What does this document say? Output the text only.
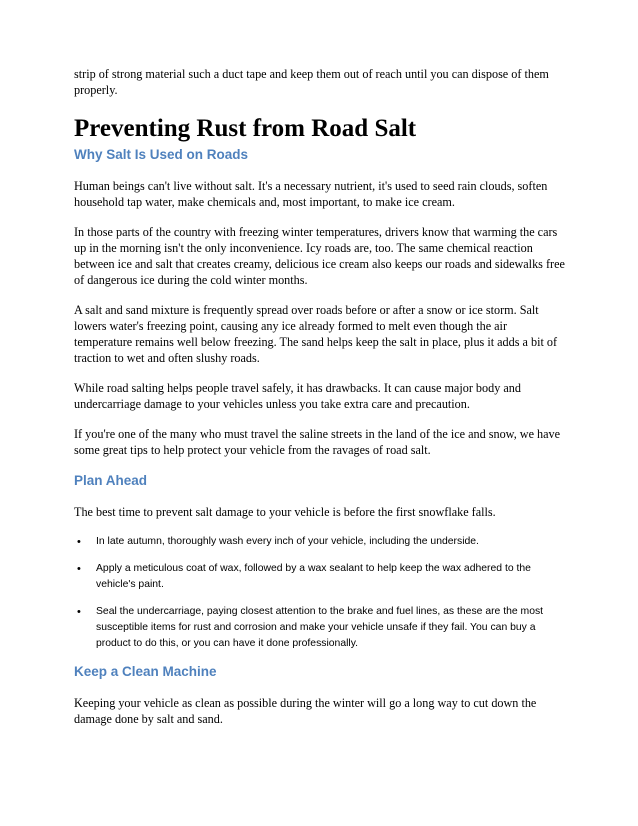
strip of strong material such a duct tape and keep them out of reach until you can dispose of them properly.

Preventing Rust from Road Salt
Why Salt Is Used on Roads

Human beings can't live without salt. It's a necessary nutrient, it's used to seed rain clouds, soften household tap water, make chemicals and, most important, to make ice cream.

In those parts of the country with freezing winter temperatures, drivers know that warming the cars up in the morning isn't the only inconvenience. Icy roads are, too. The same chemical reaction between ice and salt that creates creamy, delicious ice cream also keeps our roads and sidewalks free of dangerous ice during the cold winter months.

A salt and sand mixture is frequently spread over roads before or after a snow or ice storm. Salt lowers water's freezing point, causing any ice already formed to melt even though the air temperature remains well below freezing. The sand helps keep the salt in place, plus it adds a bit of traction to wet and often slushy roads.

While road salting helps people travel safely, it has drawbacks. It can cause major body and undercarriage damage to your vehicles unless you take extra care and precaution.

If you're one of the many who must travel the saline streets in the land of the ice and snow, we have some great tips to help protect your vehicle from the ravages of road salt.

Plan Ahead

The best time to prevent salt damage to your vehicle is before the first snowflake falls.

• In late autumn, thoroughly wash every inch of your vehicle, including the underside.
• Apply a meticulous coat of wax, followed by a wax sealant to help keep the wax adhered to the vehicle's paint.
• Seal the undercarriage, paying closest attention to the brake and fuel lines, as these are the most susceptible items for rust and corrosion and make your vehicle unsafe if they fail. You can buy a product to do this, or you can have it done professionally.
Keep a Clean Machine

Keeping your vehicle as clean as possible during the winter will go a long way to cut down the damage done by salt and sand.
